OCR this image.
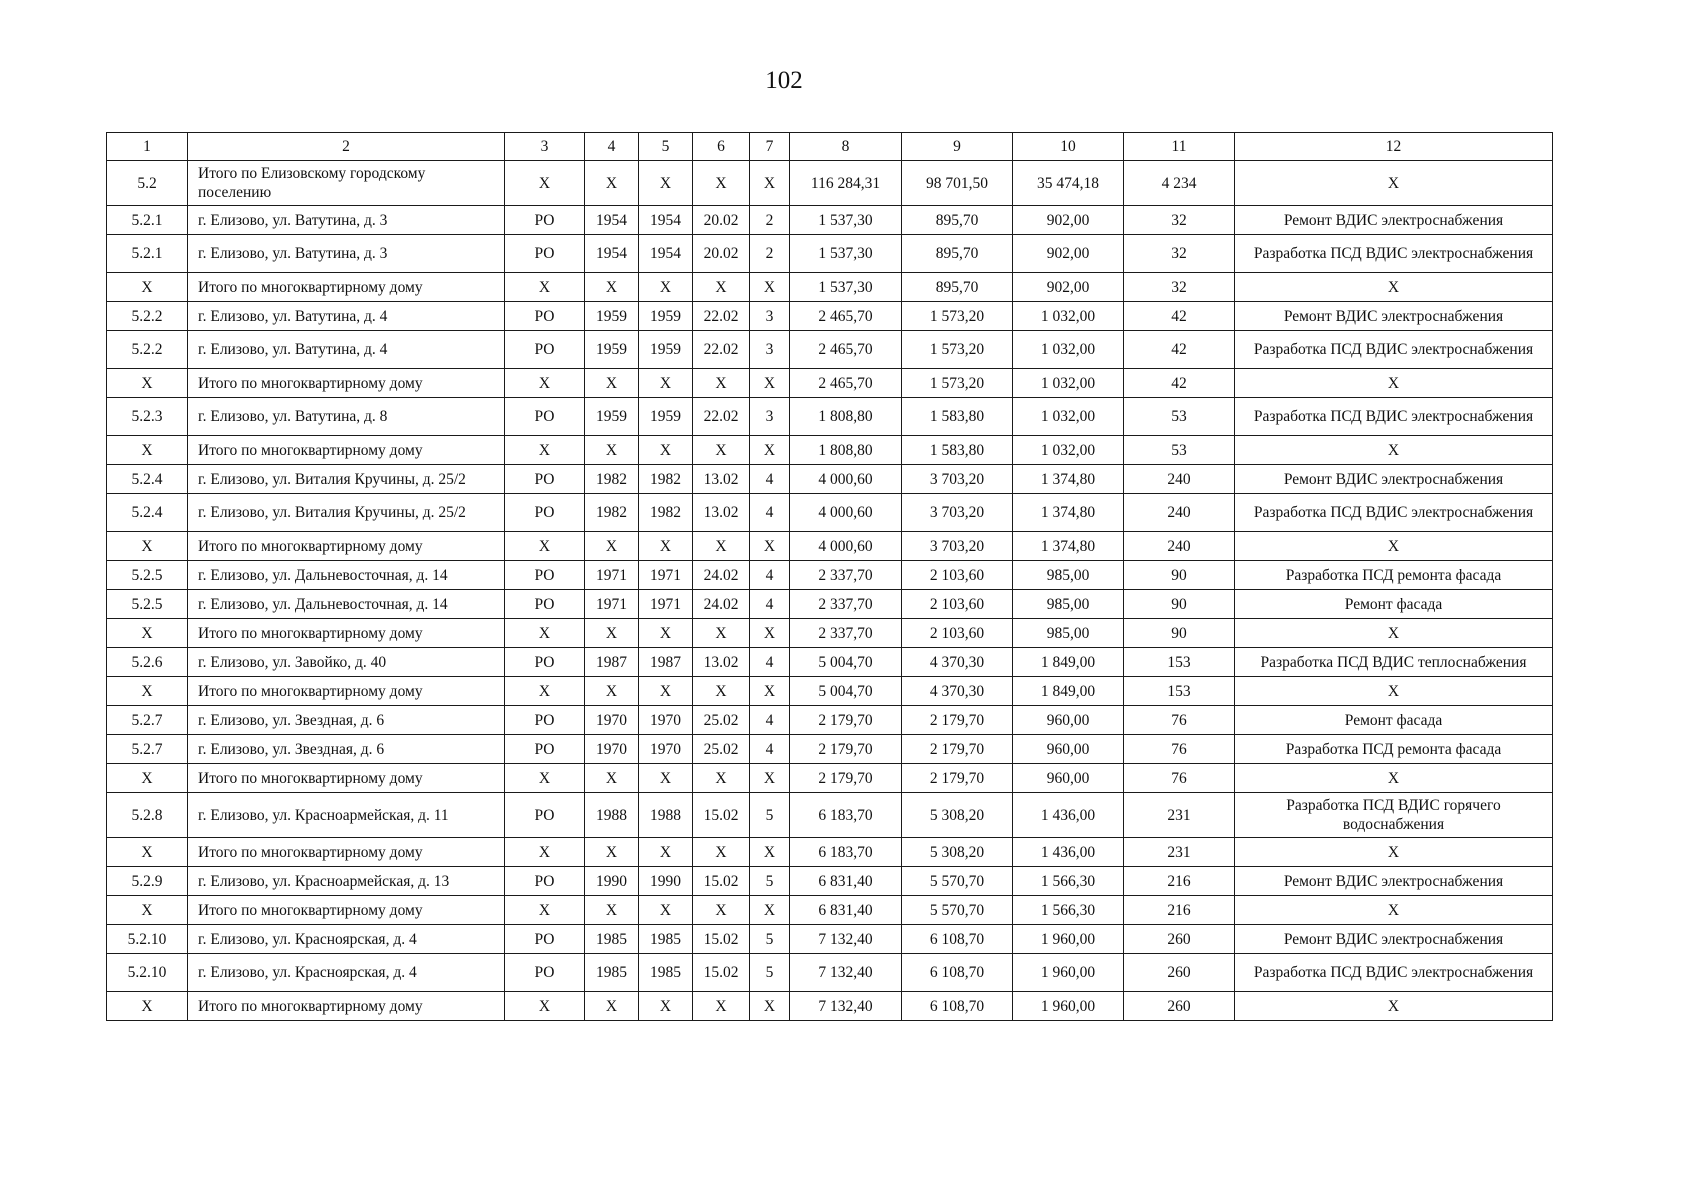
102
1	2	3	4	5	6	7	8	9	10	11	12
5.2	Итого по Елизовскому городскому поселению	X	X	X	X	X	116 284,31	98 701,50	35 474,18	4 234	X
5.2.1	г. Елизово, ул. Ватутина, д. 3	РО	1954	1954	20.02	2	1 537,30	895,70	902,00	32	Ремонт ВДИС электроснабжения
5.2.1	г. Елизово, ул. Ватутина, д. 3	РО	1954	1954	20.02	2	1 537,30	895,70	902,00	32	Разработка ПСД ВДИС электроснабжения
X	Итого по многоквартирному дому	X	X	X	X	X	1 537,30	895,70	902,00	32	X
5.2.2	г. Елизово, ул. Ватутина, д. 4	РО	1959	1959	22.02	3	2 465,70	1 573,20	1 032,00	42	Ремонт ВДИС электроснабжения
5.2.2	г. Елизово, ул. Ватутина, д. 4	РО	1959	1959	22.02	3	2 465,70	1 573,20	1 032,00	42	Разработка ПСД ВДИС электроснабжения
X	Итого по многоквартирному дому	X	X	X	X	X	2 465,70	1 573,20	1 032,00	42	X
5.2.3	г. Елизово, ул. Ватутина, д. 8	РО	1959	1959	22.02	3	1 808,80	1 583,80	1 032,00	53	Разработка ПСД ВДИС электроснабжения
X	Итого по многоквартирному дому	X	X	X	X	X	1 808,80	1 583,80	1 032,00	53	X
5.2.4	г. Елизово, ул. Виталия Кручины, д. 25/2	РО	1982	1982	13.02	4	4 000,60	3 703,20	1 374,80	240	Ремонт ВДИС электроснабжения
5.2.4	г. Елизово, ул. Виталия Кручины, д. 25/2	РО	1982	1982	13.02	4	4 000,60	3 703,20	1 374,80	240	Разработка ПСД ВДИС электроснабжения
X	Итого по многоквартирному дому	X	X	X	X	X	4 000,60	3 703,20	1 374,80	240	X
5.2.5	г. Елизово, ул. Дальневосточная, д. 14	РО	1971	1971	24.02	4	2 337,70	2 103,60	985,00	90	Разработка ПСД ремонта фасада
5.2.5	г. Елизово, ул. Дальневосточная, д. 14	РО	1971	1971	24.02	4	2 337,70	2 103,60	985,00	90	Ремонт фасада
X	Итого по многоквартирному дому	X	X	X	X	X	2 337,70	2 103,60	985,00	90	X
5.2.6	г. Елизово, ул. Завойко, д. 40	РО	1987	1987	13.02	4	5 004,70	4 370,30	1 849,00	153	Разработка ПСД ВДИС теплоснабжения
X	Итого по многоквартирному дому	X	X	X	X	X	5 004,70	4 370,30	1 849,00	153	X
5.2.7	г. Елизово, ул. Звездная, д. 6	РО	1970	1970	25.02	4	2 179,70	2 179,70	960,00	76	Ремонт фасада
5.2.7	г. Елизово, ул. Звездная, д. 6	РО	1970	1970	25.02	4	2 179,70	2 179,70	960,00	76	Разработка ПСД ремонта фасада
X	Итого по многоквартирному дому	X	X	X	X	X	2 179,70	2 179,70	960,00	76	X
5.2.8	г. Елизово, ул. Красноармейская, д. 11	РО	1988	1988	15.02	5	6 183,70	5 308,20	1 436,00	231	Разработка ПСД ВДИС горячего водоснабжения
X	Итого по многоквартирному дому	X	X	X	X	X	6 183,70	5 308,20	1 436,00	231	X
5.2.9	г. Елизово, ул. Красноармейская, д. 13	РО	1990	1990	15.02	5	6 831,40	5 570,70	1 566,30	216	Ремонт ВДИС электроснабжения
X	Итого по многоквартирному дому	X	X	X	X	X	6 831,40	5 570,70	1 566,30	216	X
5.2.10	г. Елизово, ул. Красноярская, д. 4	РО	1985	1985	15.02	5	7 132,40	6 108,70	1 960,00	260	Ремонт ВДИС электроснабжения
5.2.10	г. Елизово, ул. Красноярская, д. 4	РО	1985	1985	15.02	5	7 132,40	6 108,70	1 960,00	260	Разработка ПСД ВДИС электроснабжения
X	Итого по многоквартирному дому	X	X	X	X	X	7 132,40	6 108,70	1 960,00	260	X
